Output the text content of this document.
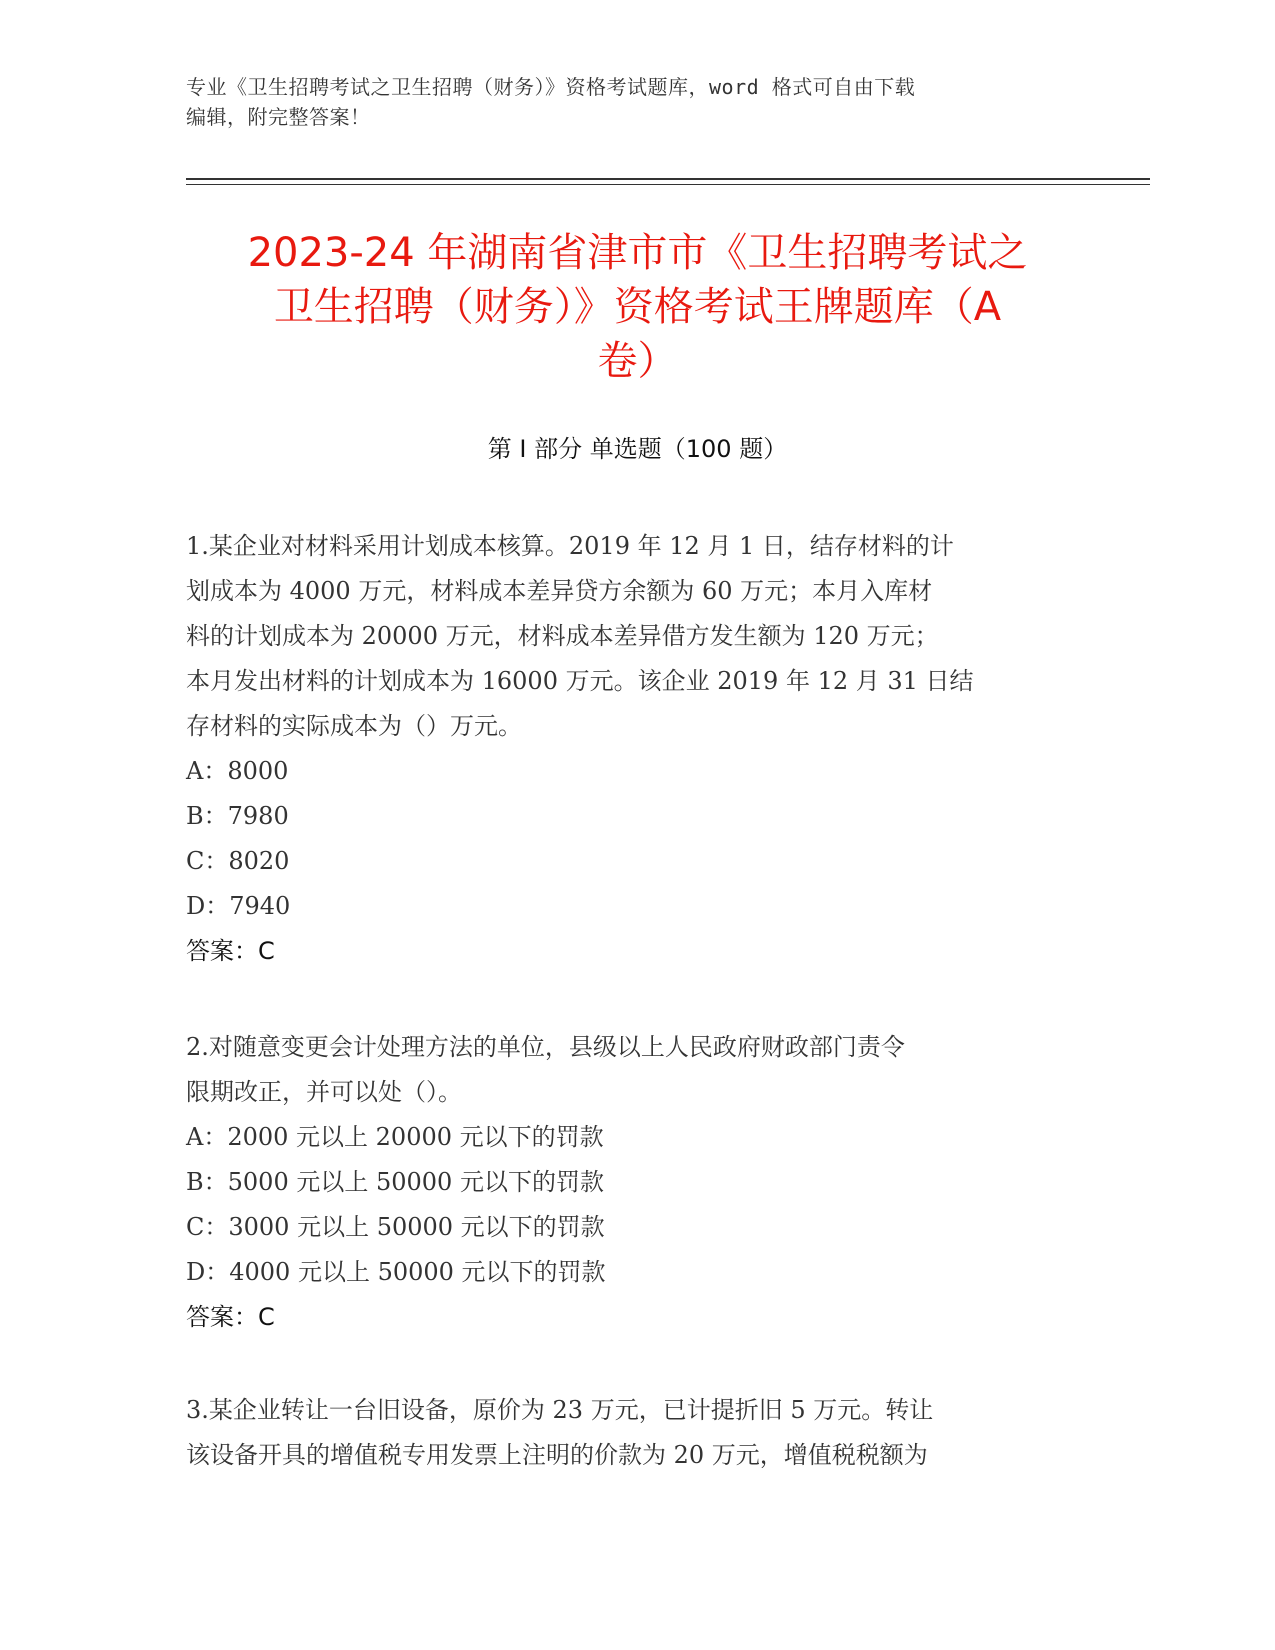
专业《卫生招聘考试之卫生招聘（财务）》资格考试题库，word 格式可自由下载
编辑，附完整答案！
2023-24 年湖南省津市市《卫生招聘考试之
卫生招聘（财务）》资格考试王牌题库（A
卷）
第 I 部分 单选题（100 题）
1.某企业对材料采用计划成本核算。2019 年 12 月 1 日，结存材料的计
划成本为 4000 万元，材料成本差异贷方余额为 60 万元；本月入库材
料的计划成本为 20000 万元，材料成本差异借方发生额为 120 万元；
本月发出材料的计划成本为 16000 万元。该企业 2019 年 12 月 31 日结
存材料的实际成本为（）万元。
A：8000
B：7980
C：8020
D：7940
答案：C
2.对随意变更会计处理方法的单位，县级以上人民政府财政部门责令
限期改正，并可以处（）。
A：2000 元以上 20000 元以下的罚款
B：5000 元以上 50000 元以下的罚款
C：3000 元以上 50000 元以下的罚款
D：4000 元以上 50000 元以下的罚款
答案：C
3.某企业转让一台旧设备，原价为 23 万元，已计提折旧 5 万元。转让
该设备开具的增值税专用发票上注明的价款为 20 万元，增值税税额为
